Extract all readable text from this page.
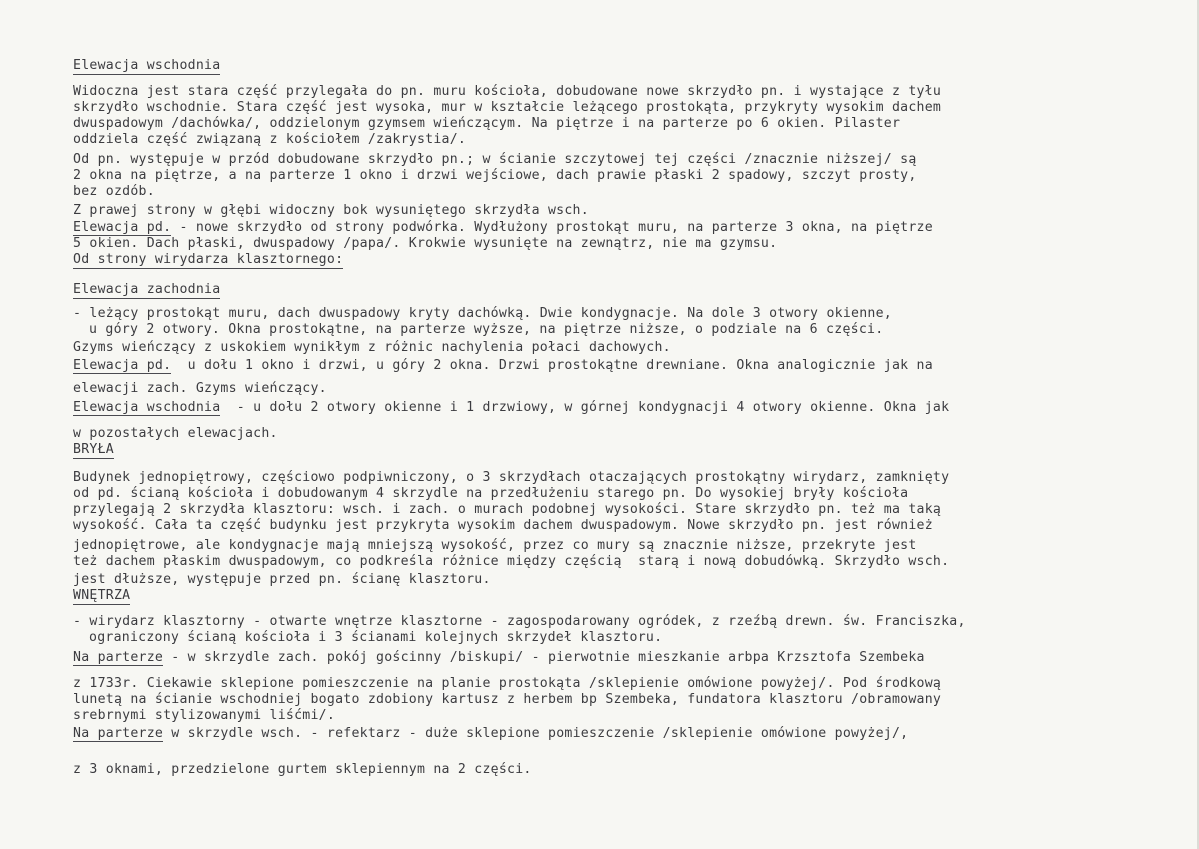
Elewacja wschodnia
Widoczna jest stara część przylegała do pn. muru kościoła, dobudowane nowe skrzydło pn. i wystające z tyłu
skrzydło wschodnie. Stara część jest wysoka, mur w kształcie leżącego prostokąta, przykryty wysokim dachem
dwuspadowym /dachówka/, oddzielonym gzymsem wieńczącym. Na piętrze i na parterze po 6 okien. Pilaster
oddziela część związaną z kościołem /zakrystia/.
Od pn. występuje w przód dobudowane skrzydło pn.; w ścianie szczytowej tej części /znacznie niższej/ są
2 okna na piętrze, a na parterze 1 okno i drzwi wejściowe, dach prawie płaski 2 spadowy, szczyt prosty,
bez ozdób.
Z prawej strony w głębi widoczny bok wysuniętego skrzydła wsch.
Elewacja pd. - nowe skrzydło od strony podwórka. Wydłużony prostokąt muru, na parterze 3 okna, na piętrze
5 okien. Dach płaski, dwuspadowy /papa/. Krokwie wysunięte na zewnątrz, nie ma gzymsu.
Od strony wirydarza klasztornego:
Elewacja zachodnia
- leżący prostokąt muru, dach dwuspadowy kryty dachówką. Dwie kondygnacje. Na dole 3 otwory okienne,
u góry 2 otwory. Okna prostokątne, na parterze wyższe, na piętrze niższe, o podziale na 6 części.
Gzyms wieńczący z uskokiem wynikłym z różnic nachylenia połaci dachowych.
Elewacja pd.  u dołu 1 okno i drzwi, u góry 2 okna. Drzwi prostokątne drewniane. Okna analogicznie jak na
elewacji zach. Gzyms wieńczący.
Elewacja wschodnia  - u dołu 2 otwory okienne i 1 drzwiowy, w górnej kondygnacji 4 otwory okienne. Okna jak
w pozostałych elewacjach.
BRYŁA
Budynek jednopiętrowy, częściowo podpiwniczony, o 3 skrzydłach otaczających prostokątny wirydarz, zamknięty
od pd. ścianą kościoła i dobudowanym 4 skrzydle na przedłużeniu starego pn. Do wysokiej bryły kościoła
przylegają 2 skrzydła klasztoru: wsch. i zach. o murach podobnej wysokości. Stare skrzydło pn. też ma taką
wysokość. Cała ta część budynku jest przykryta wysokim dachem dwuspadowym. Nowe skrzydło pn. jest również
jednopiętrowe, ale kondygnacje mają mniejszą wysokość, przez co mury są znacznie niższe, przekryte jest
też dachem płaskim dwuspadowym, co podkreśla różnice między częścią  starą i nową dobudówką. Skrzydło wsch.
jest dłuższe, występuje przed pn. ścianę klasztoru.
WNĘTRZA
- wirydarz klasztorny - otwarte wnętrze klasztorne - zagospodarowany ogródek, z rzeźbą drewn. św. Franciszka,
ograniczony ścianą kościoła i 3 ścianami kolejnych skrzydeł klasztoru.
Na parterze - w skrzydle zach. pokój gościnny /biskupi/ - pierwotnie mieszkanie arbpa Krzsztofa Szembeka
z 1733r. Ciekawie sklepione pomieszczenie na planie prostokąta /sklepienie omówione powyżej/. Pod środkową
lunetą na ścianie wschodniej bogato zdobiony kartusz z herbem bp Szembeka, fundatora klasztoru /obramowany
srebrnymi stylizowanymi liśćmi/.
Na parterze w skrzydle wsch. - refektarz - duże sklepione pomieszczenie /sklepienie omówione powyżej/,
z 3 oknami, przedzielone gurtem sklepiennym na 2 części.
